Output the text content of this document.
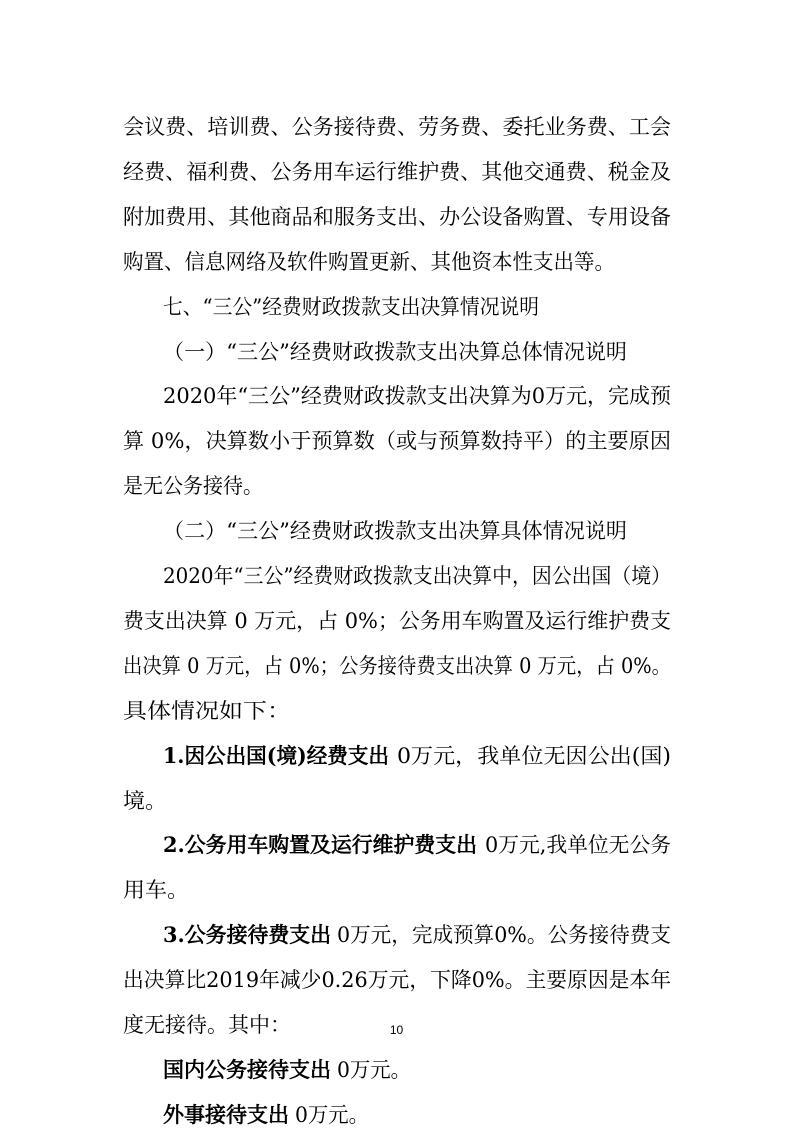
会议费、培训费、公务接待费、劳务费、委托业务费、工会
经费、福利费、公务用车运行维护费、其他交通费、税金及
附加费用、其他商品和服务支出、办公设备购置、专用设备
购置、信息网络及软件购置更新、其他资本性支出等。
七、“三公”经费财政拨款支出决算情况说明
（一）“三公”经费财政拨款支出决算总体情况说明
2020年“三公”经费财政拨款支出决算为0万元，完成预
算 0%，决算数小于预算数（或与预算数持平）的主要原因
是无公务接待。
（二）“三公”经费财政拨款支出决算具体情况说明
2020年“三公”经费财政拨款支出决算中，因公出国（境）
费支出决算 0 万元，占 0%；公务用车购置及运行维护费支
出决算 0 万元，占 0%；公务接待费支出决算 0 万元，占 0%。
具体情况如下：
1.因公出国(境)经费支出 0万元，我单位无因公出(国)
境。
2.公务用车购置及运行维护费支出 0万元,我单位无公务
用车。
3.公务接待费支出 0万元，完成预算0%。公务接待费支
出决算比2019年减少0.26万元，下降0%。主要原因是本年
度无接待。其中：
国内公务接待支出 0万元。
外事接待支出 0万元。
10
